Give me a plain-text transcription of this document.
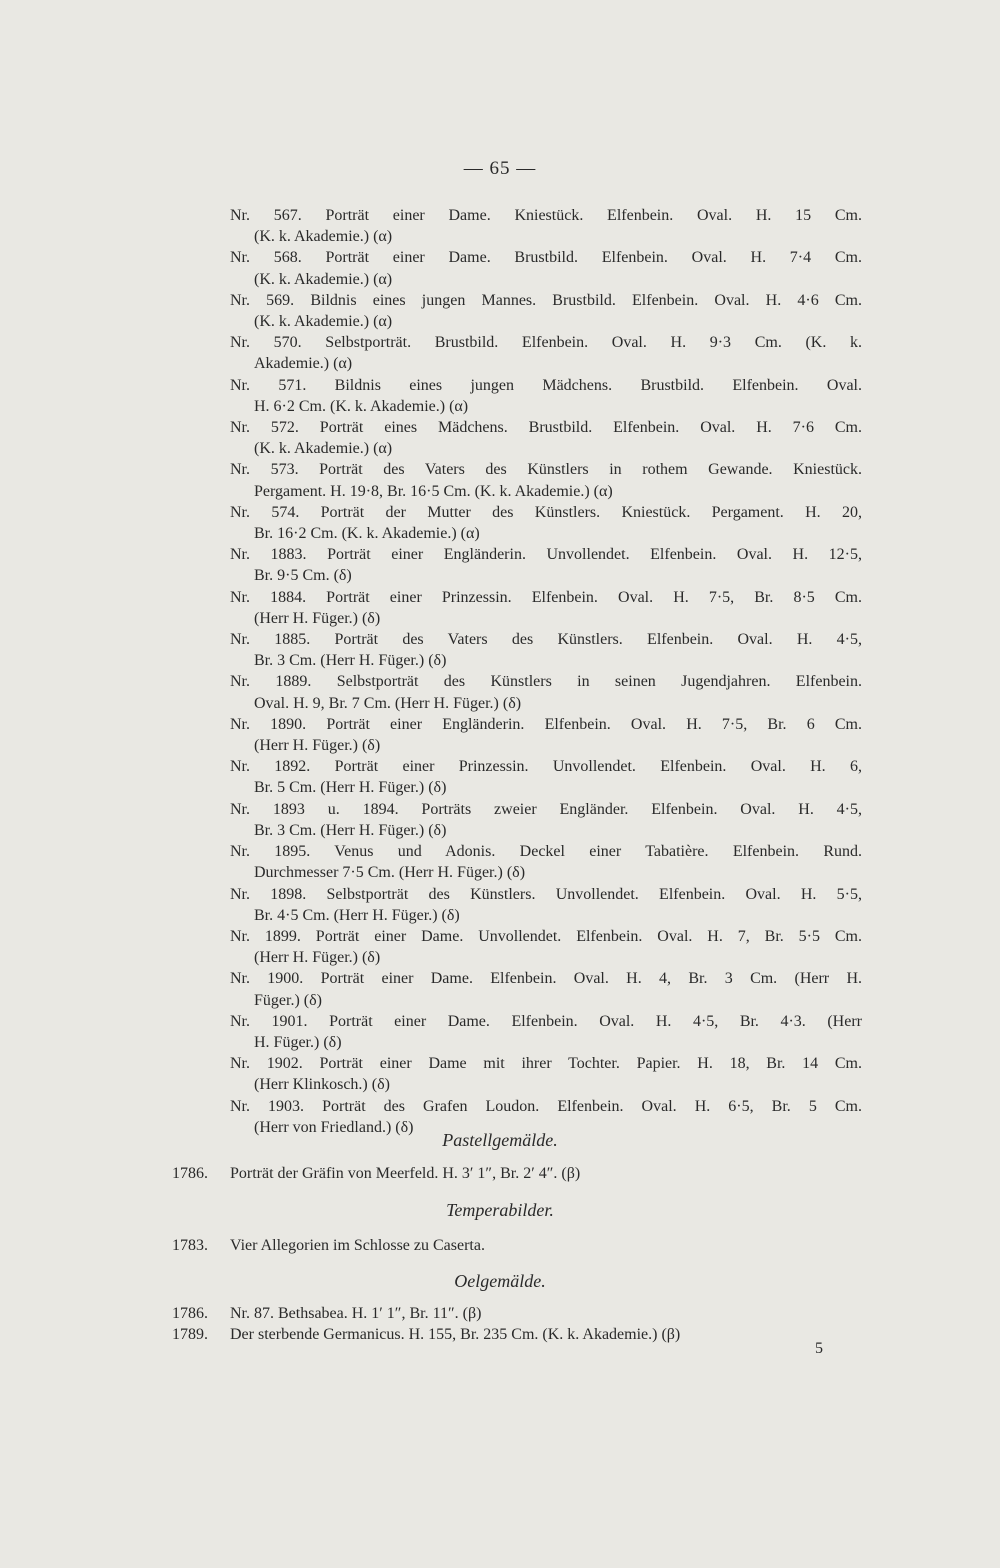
— 65 —
Nr. 567. Porträt einer Dame. Kniestück. Elfenbein. Oval. H. 15 Cm.
(K. k. Akademie.) (α)
Nr. 568. Porträt einer Dame. Brustbild. Elfenbein. Oval. H. 7·4 Cm.
(K. k. Akademie.) (α)
Nr. 569. Bildnis eines jungen Mannes. Brustbild. Elfenbein. Oval. H. 4·6 Cm.
(K. k. Akademie.) (α)
Nr. 570. Selbstporträt. Brustbild. Elfenbein. Oval. H. 9·3 Cm. (K. k.
Akademie.) (α)
Nr. 571. Bildnis eines jungen Mädchens. Brustbild. Elfenbein. Oval.
H. 6·2 Cm. (K. k. Akademie.) (α)
Nr. 572. Porträt eines Mädchens. Brustbild. Elfenbein. Oval. H. 7·6 Cm.
(K. k. Akademie.) (α)
Nr. 573. Porträt des Vaters des Künstlers in rothem Gewande. Kniestück.
Pergament. H. 19·8, Br. 16·5 Cm. (K. k. Akademie.) (α)
Nr. 574. Porträt der Mutter des Künstlers. Kniestück. Pergament. H. 20,
Br. 16·2 Cm. (K. k. Akademie.) (α)
Nr. 1883. Porträt einer Engländerin. Unvollendet. Elfenbein. Oval. H. 12·5,
Br. 9·5 Cm. (δ)
Nr. 1884. Porträt einer Prinzessin. Elfenbein. Oval. H. 7·5, Br. 8·5 Cm.
(Herr H. Füger.) (δ)
Nr. 1885. Porträt des Vaters des Künstlers. Elfenbein. Oval. H. 4·5,
Br. 3 Cm. (Herr H. Füger.) (δ)
Nr. 1889. Selbstporträt des Künstlers in seinen Jugendjahren. Elfenbein.
Oval. H. 9, Br. 7 Cm. (Herr H. Füger.) (δ)
Nr. 1890. Porträt einer Engländerin. Elfenbein. Oval. H. 7·5, Br. 6 Cm.
(Herr H. Füger.) (δ)
Nr. 1892. Porträt einer Prinzessin. Unvollendet. Elfenbein. Oval. H. 6,
Br. 5 Cm. (Herr H. Füger.) (δ)
Nr. 1893 u. 1894. Porträts zweier Engländer. Elfenbein. Oval. H. 4·5,
Br. 3 Cm. (Herr H. Füger.) (δ)
Nr. 1895. Venus und Adonis. Deckel einer Tabatière. Elfenbein. Rund.
Durchmesser 7·5 Cm. (Herr H. Füger.) (δ)
Nr. 1898. Selbstporträt des Künstlers. Unvollendet. Elfenbein. Oval. H. 5·5,
Br. 4·5 Cm. (Herr H. Füger.) (δ)
Nr. 1899. Porträt einer Dame. Unvollendet. Elfenbein. Oval. H. 7, Br. 5·5 Cm.
(Herr H. Füger.) (δ)
Nr. 1900. Porträt einer Dame. Elfenbein. Oval. H. 4, Br. 3 Cm. (Herr H.
Füger.) (δ)
Nr. 1901. Porträt einer Dame. Elfenbein. Oval. H. 4·5, Br. 4·3. (Herr
H. Füger.) (δ)
Nr. 1902. Porträt einer Dame mit ihrer Tochter. Papier. H. 18, Br. 14 Cm.
(Herr Klinkosch.) (δ)
Nr. 1903. Porträt des Grafen Loudon. Elfenbein. Oval. H. 6·5, Br. 5 Cm.
(Herr von Friedland.) (δ)
Pastellgemälde.
1786. Porträt der Gräfin von Meerfeld. H. 3′ 1″, Br. 2′ 4″. (β)
Temperabilder.
1783. Vier Allegorien im Schlosse zu Caserta.
Oelgemälde.
1786. Nr. 87. Bethsabea. H. 1′ 1″, Br. 11″. (β)
1789. Der sterbende Germanicus. H. 155, Br. 235 Cm. (K. k. Akademie.) (β)
5
